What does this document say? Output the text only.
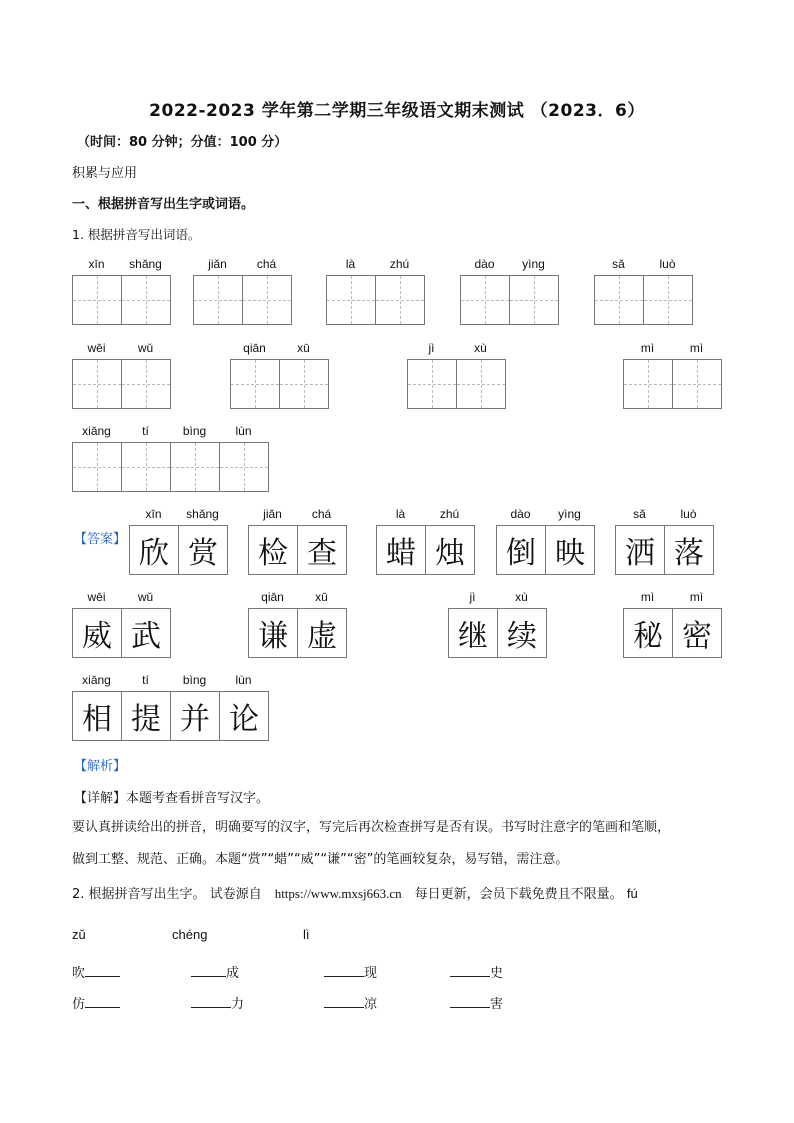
2022-2023 学年第二学期三年级语文期末测试 （2023．6）
（时间：80 分钟；分值：100 分）
积累与应用
一、根据拼音写出生字或词语。
1. 根据拼音写出词语。
xīn	shǎng	jiǎn	chá	là	zhú	dào	yìng	sǎ	luò
wēi	wǔ	qiān	xū	jì	xù	mì	mì
xiāng	tí	bìng	lùn
【答案】
xīn	shǎng
欣 赏
jiǎn	chá
检 查
là	zhú
蜡 烛
dào	yìng
倒 映
sǎ	luò
洒 落
wēi	wǔ
威 武
qiān	xū
谦 虚
jì	xù
继 续
mì	mì
秘 密
xiāng	tí	bìng	lùn
相 提 并 论
【解析】
【详解】本题考查看拼音写汉字。
要认真拼读给出的拼音，明确要写的汉字，写完后再次检查拼写是否有误。书写时注意字的笔画和笔顺，
做到工整、规范、正确。本题“赏”“蜡”“威”“谦”“密”的笔画较复杂，易写错，需注意。
2. 根据拼音写出生字。 试卷源自　https://www.mxsj663.cn　每日更新，会员下载免费且不限量。 fú
zǔ	chéng	lì
吹	成	现	史
仿	力	凉	害
